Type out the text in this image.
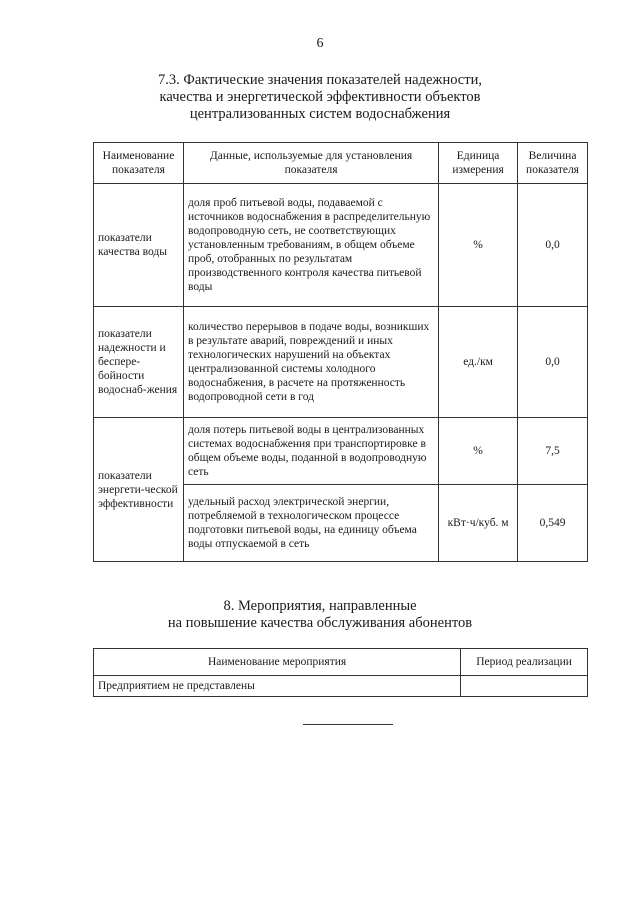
6
7.3. Фактические значения показателей надежности,
качества и энергетической эффективности объектов
централизованных систем водоснабжения
Наименование показателя	Данные, используемые для установления показателя	Единица измерения	Величина показателя
показатели качества воды	доля проб питьевой воды, подаваемой с источников водоснабжения в распределительную водопроводную сеть, не соответствующих установленным требованиям, в общем объеме проб, отобранных по результатам производственного контроля качества питьевой воды	%	0,0
показатели надежности и беспере-бойности водоснаб-жения	количество перерывов в подаче воды, возникших в результате аварий, повреждений и иных технологических нарушений на объектах централизованной системы холодного водоснабжения, в расчете на протяженность водопроводной сети в год	ед./км	0,0
показатели энергети-ческой эффективности	доля потерь питьевой воды в централизованных системах водоснабжения при транспортировке в общем объеме воды, поданной в водопроводную сеть	%	7,5
	удельный расход электрической энергии, потребляемой в технологическом процессе подготовки питьевой воды, на единицу объема воды отпускаемой в сеть	кВт·ч/куб. м	0,549
8. Мероприятия, направленные
на повышение качества обслуживания абонентов
Наименование мероприятия	Период реализации
Предприятием не представлены	
